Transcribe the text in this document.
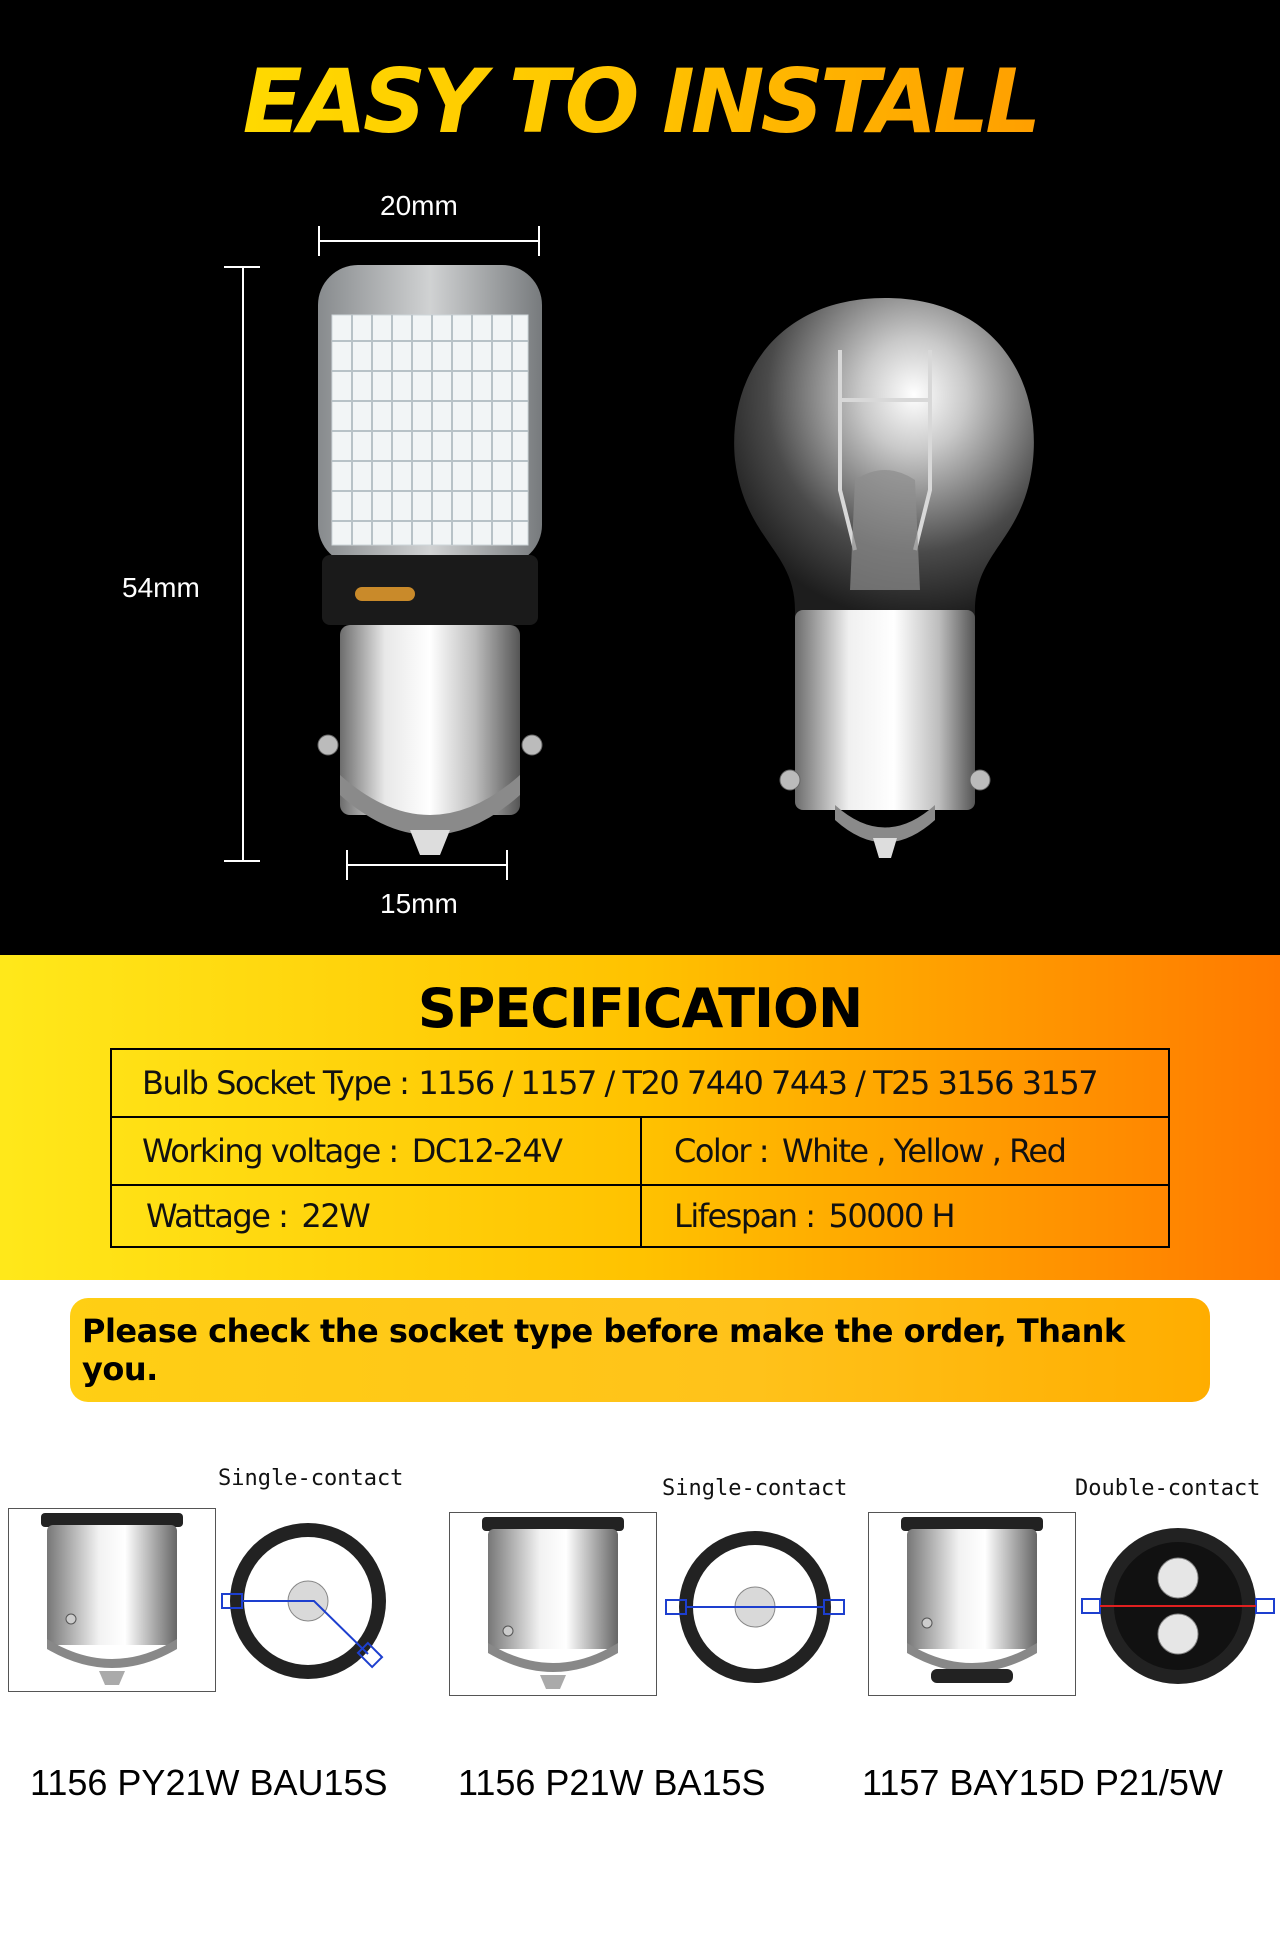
EASY TO INSTALL
20mm
54mm
15mm
SPECIFICATION
Bulb Socket Type : 1156 / 1157 / T20 7440 7443 / T25 3156 3157
Working voltage : DC12-24V	Color : White , Yellow , Red
Wattage : 22W	Lifespan : 50000 H
Please check the socket type before make the order, Thank you.
Single-contact	Single-contact	Double-contact
1156 PY21W BAU15S 1156 P21W BA15S	1157 BAY15D P21/5W
